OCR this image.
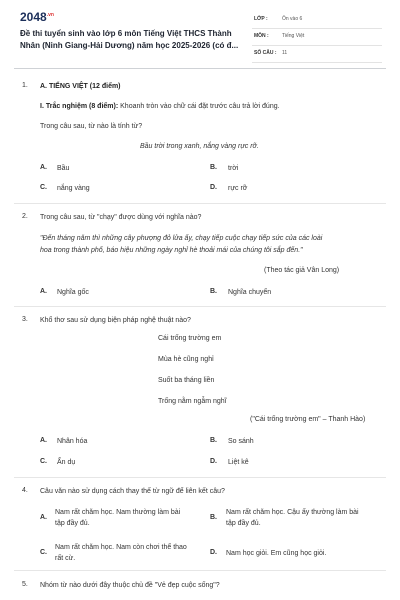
$2048^{.vn}$
Đề thi tuyển sinh vào lớp 6 môn Tiếng Việt THCS Thành
Nhân (Ninh Giang-Hải Dương) năm học 2025-2026 (có đ...
LỚP :	Ôn vào 6
MÔN :	Tiếng Việt
SỐ CÂU : 11
1. A. TIẾNG VIỆT (12 điểm)
I. Trắc nghiệm (8 điểm): Khoanh tròn vào chữ cái đặt trước câu trả lời đúng.
Trong câu sau, từ nào là tính từ?
Bầu trời trong xanh, nắng vàng rực rỡ.
A. Bầu	B. trời
C. nắng vàng	D. rực rỡ
2. Trong câu sau, từ "chạy" được dùng với nghĩa nào?
"Đến tháng năm thì những cây phượng đỏ lửa ấy, chạy tiếp cuộc chạy tiếp sức của các loài
hoa trong thành phố, báo hiệu những ngày nghỉ hè thoải mái của chúng tôi sắp đến."
(Theo tác giả Vân Long)
A. Nghĩa gốc	B. Nghĩa chuyển
3. Khổ thơ sau sử dụng biện pháp nghệ thuật nào?
Cái trống trường em
Mùa hè cũng nghỉ
Suốt ba tháng liền
Trống nằm ngẫm nghĩ
("Cái trống trường em" – Thanh Hào)
A. Nhân hóa	B. So sánh
C. Ẩn dụ	D. Liệt kê
4. Câu văn nào sử dụng cách thay thế từ ngữ để liên kết câu?
A.
Nam rất chăm học. Nam thường làm bài
tập đầy đủ.
B.
Nam rất chăm học. Cậu ấy thường làm bài
tập đầy đủ.
C.
Nam rất chăm học. Nam còn chơi thể thao
rất cừ.
D. Nam học giỏi. Em cũng học giỏi.
5. Nhóm từ nào dưới đây thuộc chủ đề "Vẻ đẹp cuộc sống"?
